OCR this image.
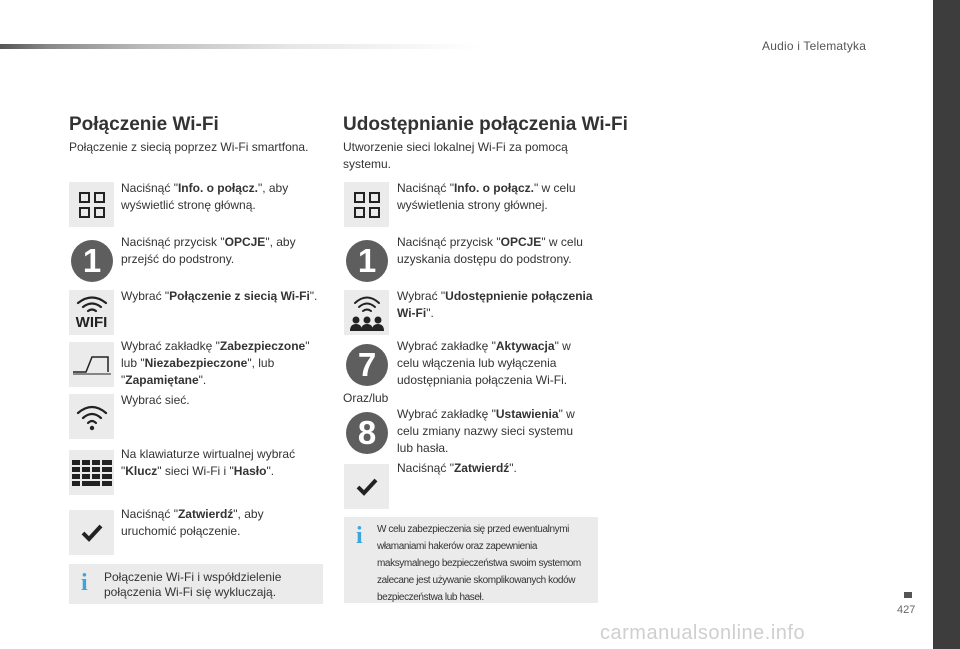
Audio i Telematyka
427
carmanualsonline.info
Połączenie Wi-Fi
Połączenie z siecią poprzez Wi-Fi smartfona.
Naciśnąć "Info. o połącz.", aby wyświetlić stronę główną.
1 Naciśnąć przycisk "OPCJE", aby przejść do podstrony.
WIFI
Wybrać "Połączenie z siecią Wi-Fi".
Wybrać zakładkę "Zabezpieczone" lub "Niezabezpieczone", lub "Zapamiętane".
Wybrać sieć.
Na klawiaturze wirtualnej wybrać "Klucz" sieci Wi-Fi i "Hasło".
Naciśnąć "Zatwierdź", aby uruchomić połączenie.
i Połączenie Wi-Fi i współdzielenie połączenia Wi-Fi się wykluczają.
Udostępnianie połączenia Wi-Fi
Utworzenie sieci lokalnej Wi-Fi za pomocą systemu.
Naciśnąć "Info. o połącz." w celu wyświetlenia strony głównej.
1 Naciśnąć przycisk "OPCJE" w celu uzyskania dostępu do podstrony.
Wybrać "Udostępnienie połączenia Wi-Fi".
7 Wybrać zakładkę "Aktywacja" w celu włączenia lub wyłączenia udostępniania połączenia Wi-Fi.
Oraz/lub
8 Wybrać zakładkę "Ustawienia" w celu zmiany nazwy sieci systemu lub hasła.
Naciśnąć "Zatwierdź".
i W celu zabezpieczenia się przed ewentualnymi włamaniami hakerów oraz zapewnienia maksymalnego bezpieczeństwa swoim systemom zalecane jest używanie skomplikowanych kodów bezpieczeństwa lub haseł.
